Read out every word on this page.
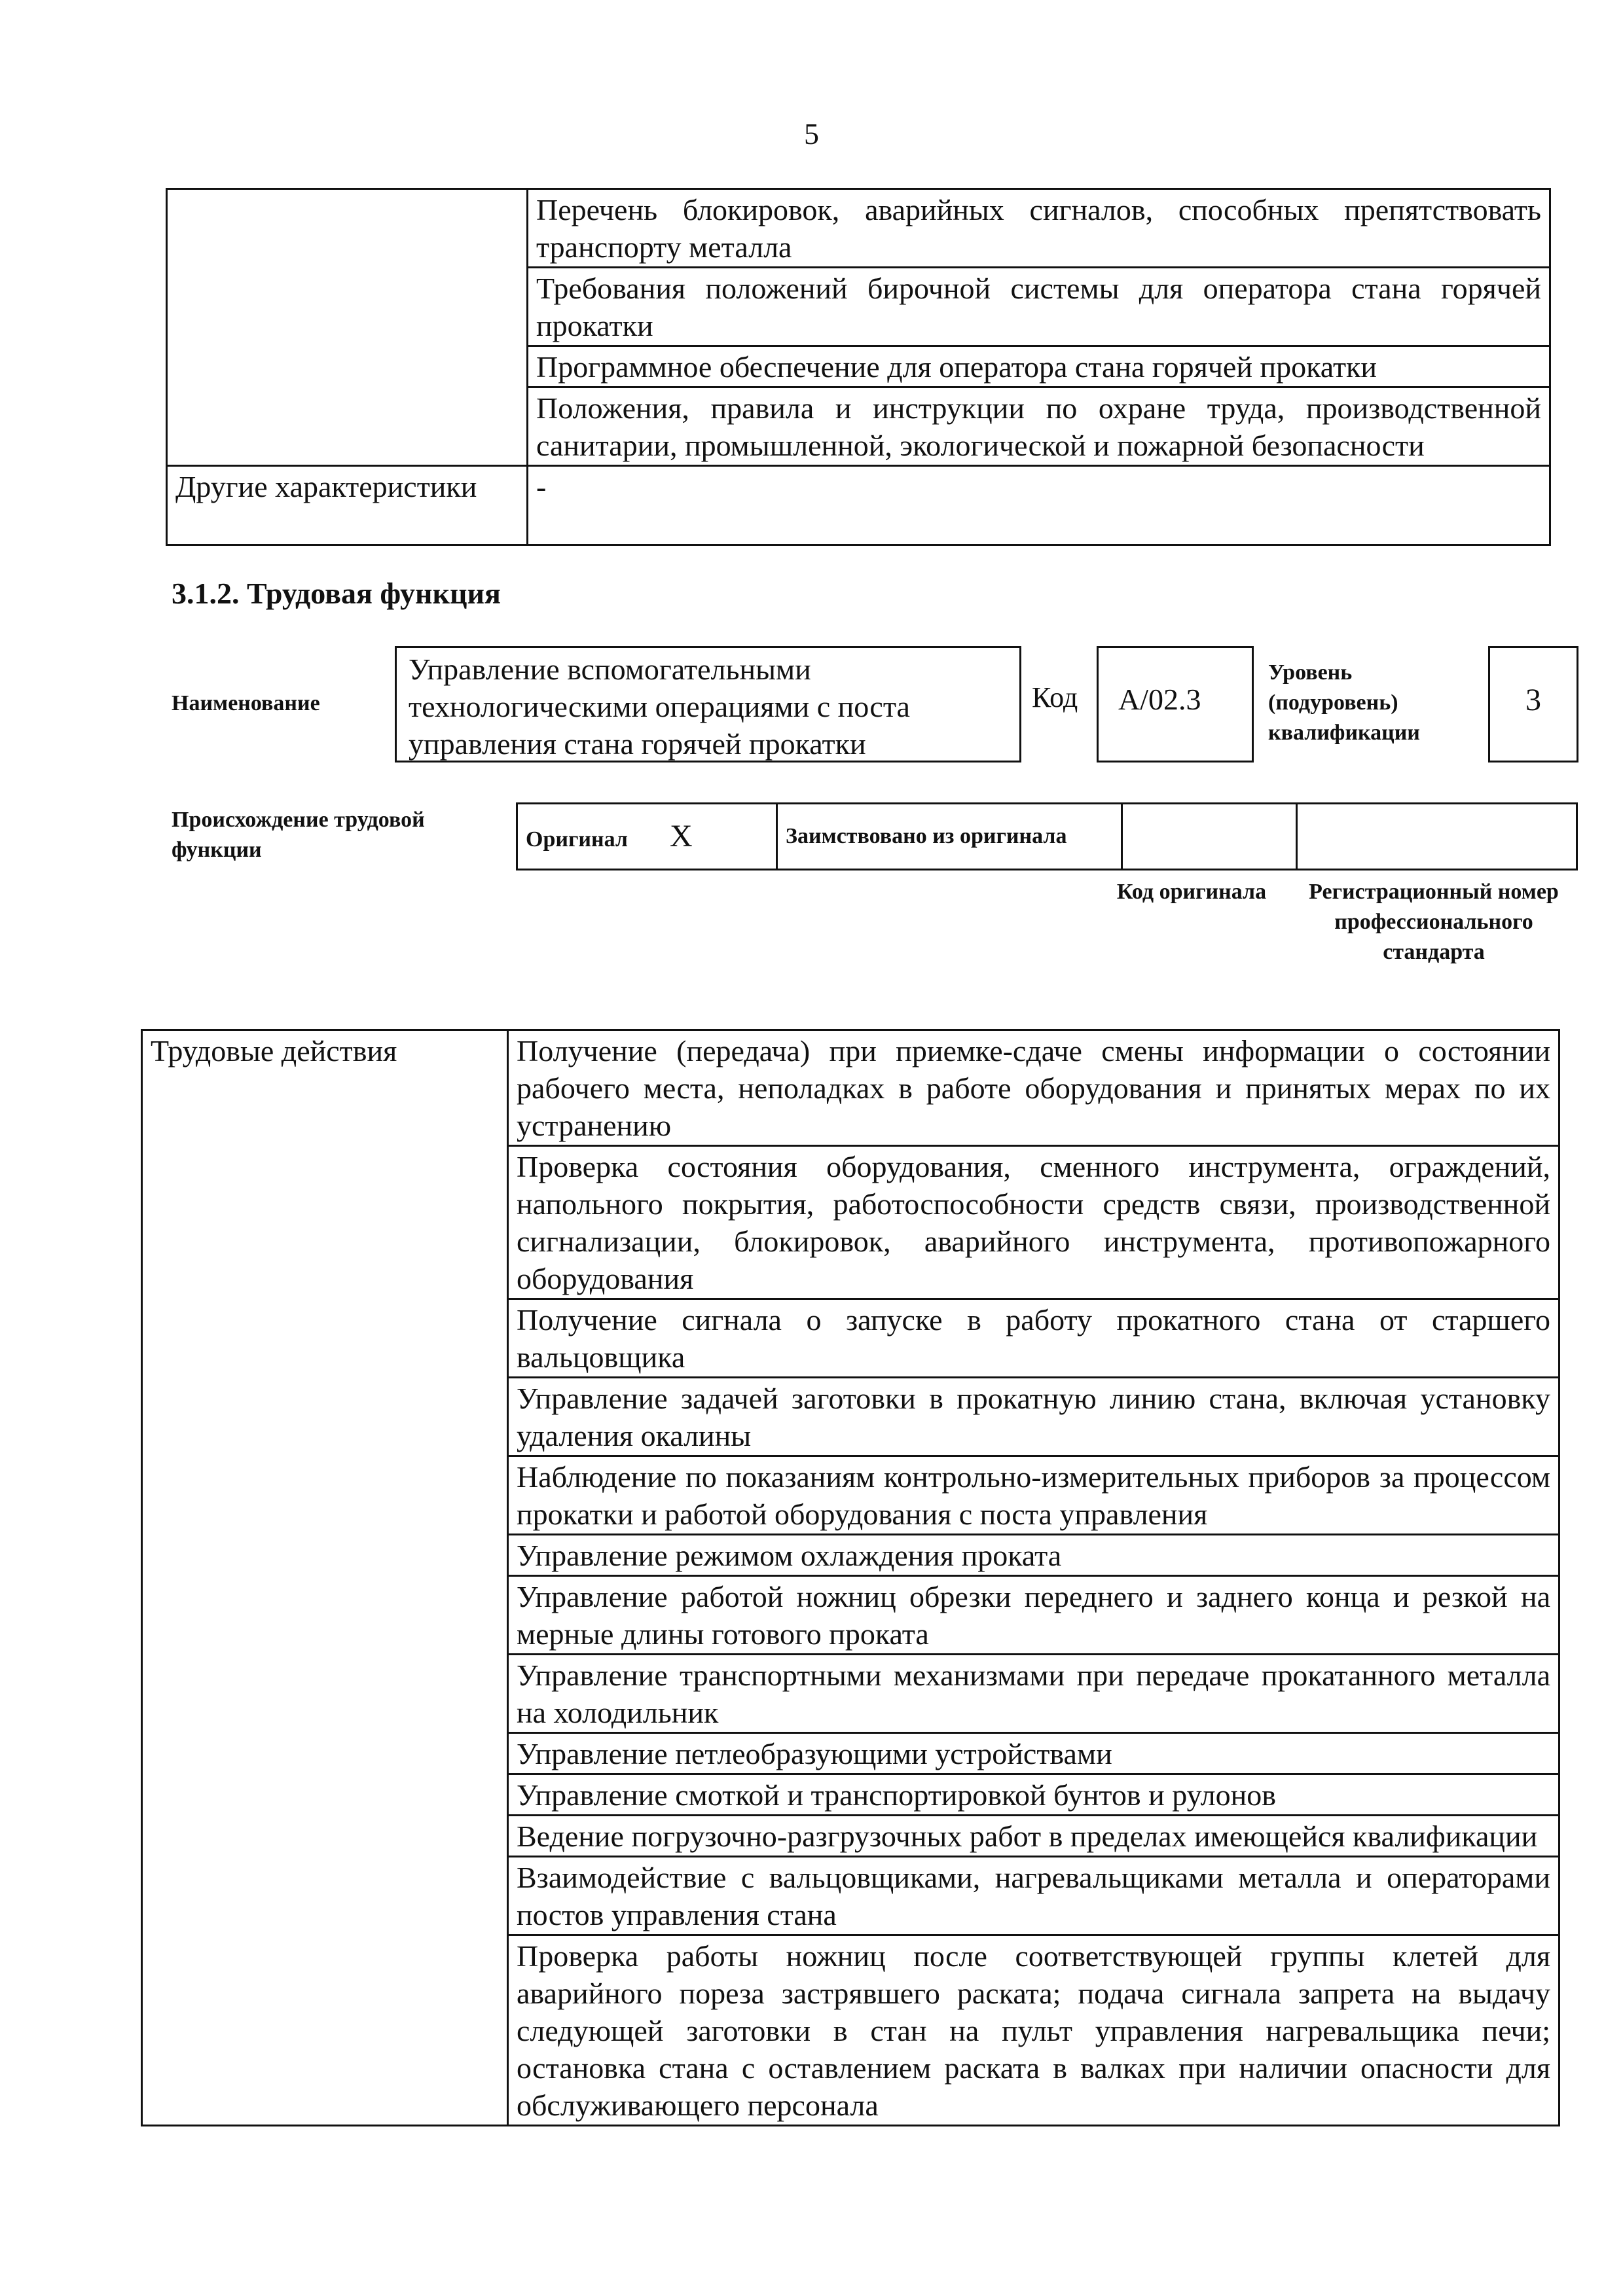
5
	Перечень блокировок, аварийных сигналов, способных препятствовать транспорту металла
	Требования положений бирочной системы для оператора стана горячей прокатки
	Программное обеспечение для оператора стана горячей прокатки
	Положения, правила и инструкции по охране труда, производственной санитарии, промышленной, экологической и пожарной безопасности
Другие характеристики	-
3.1.2. Трудовая функция
Наименование
Управление вспомогательными технологическими операциями с поста управления стана горячей прокатки
Код	А/02.3
Уровень (подуровень) квалификации
3
Происхождение трудовой функции	Оригинал Х	Заимствовано из оригинала		
Код оригинала	Регистрационный номер профессионального стандарта
Трудовые действия	Получение (передача) при приемке-сдаче смены информации о состоянии рабочего места, неполадках в работе оборудования и принятых мерах по их устранению
Проверка состояния оборудования, сменного инструмента, ограждений, напольного покрытия, работоспособности средств связи, производственной сигнализации, блокировок, аварийного инструмента, противопожарного оборудования
Получение сигнала о запуске в работу прокатного стана от старшего вальцовщика
Управление задачей заготовки в прокатную линию стана, включая установку удаления окалины
Наблюдение по показаниям контрольно-измерительных приборов за процессом прокатки и работой оборудования с поста управления
Управление режимом охлаждения проката
Управление работой ножниц обрезки переднего и заднего конца и резкой на мерные длины готового проката
Управление транспортными механизмами при передаче прокатанного металла на холодильник
Управление петлеобразующими устройствами
Управление смоткой и транспортировкой бунтов и рулонов
Ведение погрузочно-разгрузочных работ в пределах имеющейся квалификации
Взаимодействие с вальцовщиками, нагревальщиками металла и операторами постов управления стана
Проверка работы ножниц после соответствующей группы клетей для аварийного пореза застрявшего раската; подача сигнала запрета на выдачу следующей заготовки в стан на пульт управления нагревальщика печи; остановка стана с оставлением раската в валках при наличии опасности для обслуживающего персонала
